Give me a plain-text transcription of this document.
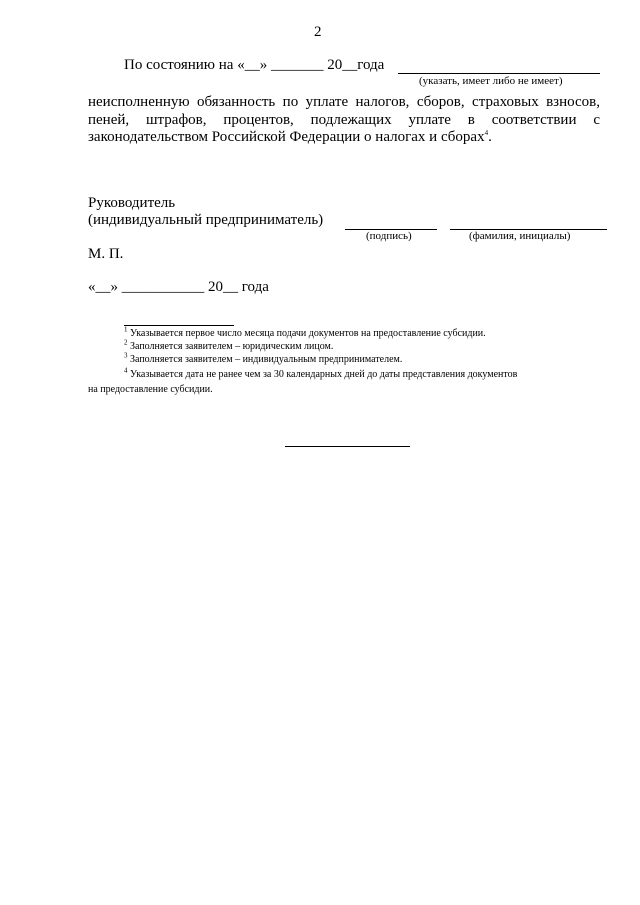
2
По состоянию на «__» _______ 20__года
(указать, имеет либо не имеет)
неисполненную обязанность по уплате налогов, сборов, страховых взносов,
пеней, штрафов, процентов, подлежащих уплате в соответствии с
законодательством Российской Федерации о налогах и сборах$^4$.
Руководитель
(индивидуальный предприниматель)
(подпись)	(фамилия, инициалы)
М. П.
«__» ___________ 20__ года
$^1$ Указывается первое число месяца подачи документов на предоставление субсидии.
$^2$ Заполняется заявителем – юридическим лицом.
$^3$ Заполняется заявителем – индивидуальным предпринимателем.
$^4$ Указывается дата не ранее чем за 30 календарных дней до даты представления документов
на предоставление субсидии.
